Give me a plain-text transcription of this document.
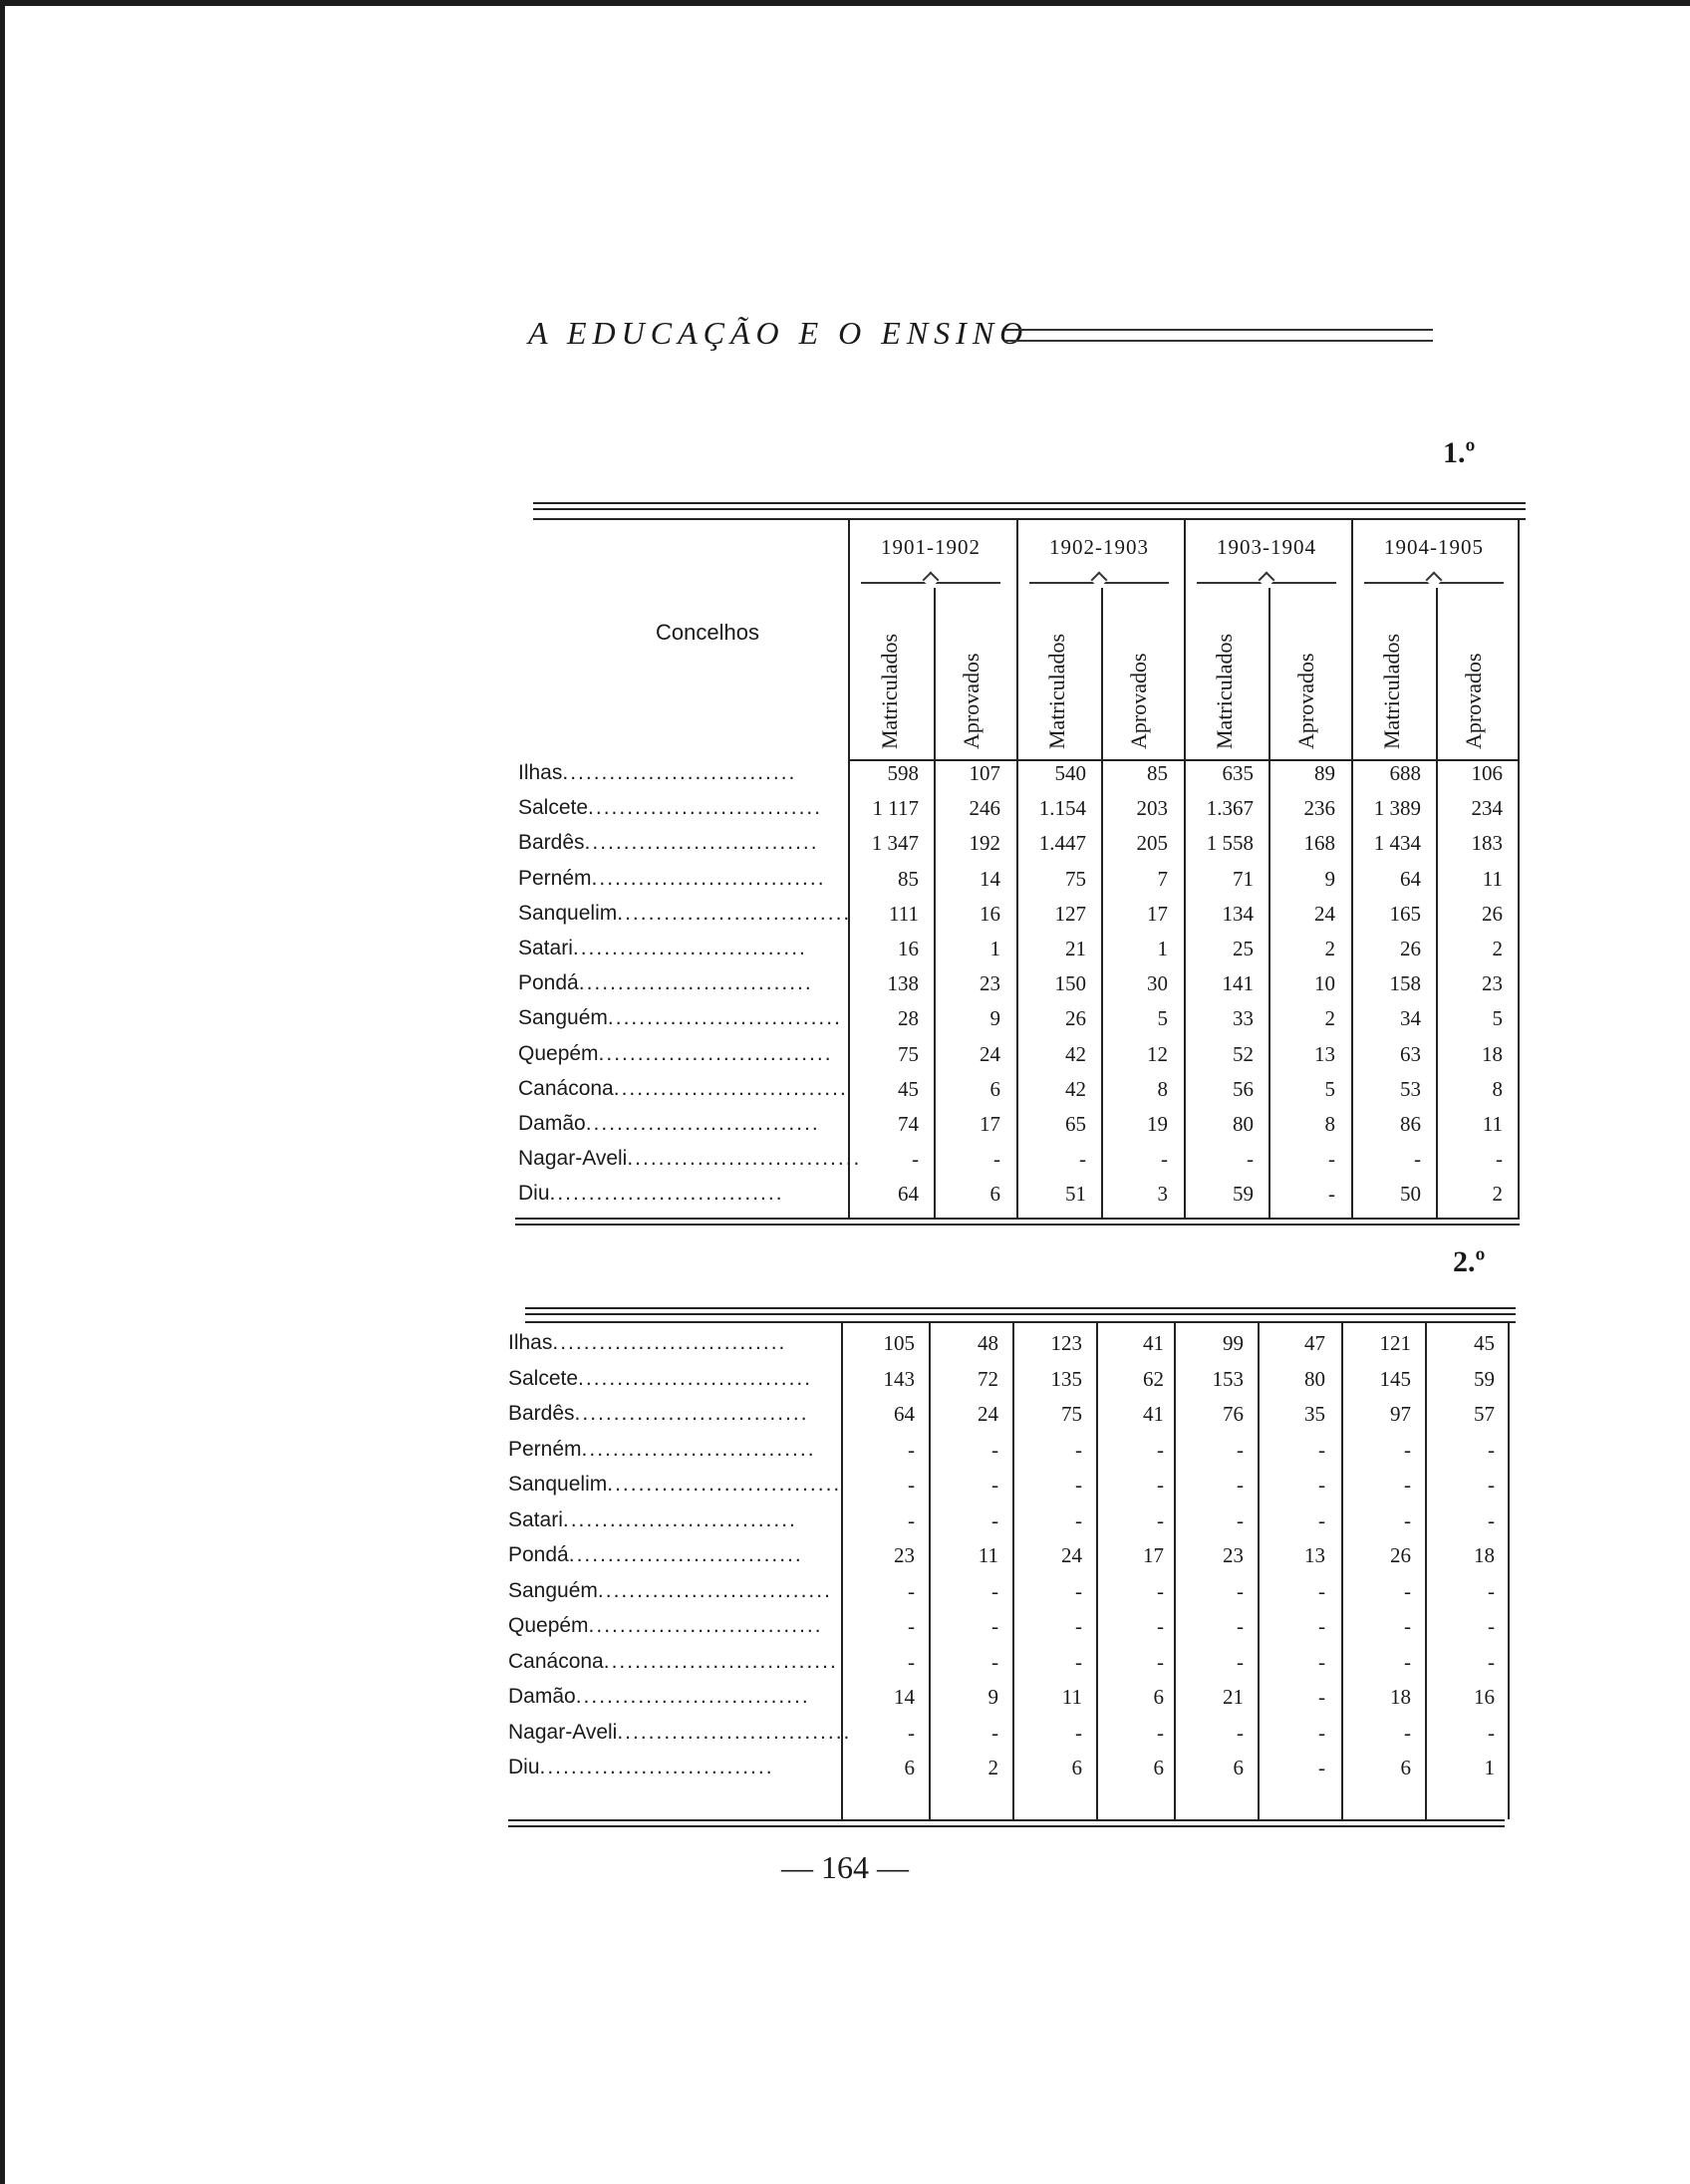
A EDUCAÇÃO E O ENSINO
1.º
Concelhos
1901-1902	1902-1903	1903-1904	1904-1905
Matriculados	Aprovados	Matriculados	Aprovados	Matriculados	Aprovados	Matriculados	Aprovados
Ilhas..............................	598	107	540	85	635	89	688	106
Salcete..............................	1 117	246	1.154	203	1.367	236	1 389	234
Bardês..............................	1 347	192	1.447	205	1 558	168	1 434	183
Perném..............................	85	14	75	7	71	9	64	11
Sanquelim..............................	111	16	127	17	134	24	165	26
Satari..............................	16	1	21	1	25	2	26	2
Pondá..............................	138	23	150	30	141	10	158	23
Sanguém..............................	28	9	26	5	33	2	34	5
Quepém..............................	75	24	42	12	52	13	63	18
Canácona..............................	45	6	42	8	56	5	53	8
Damão..............................	74	17	65	19	80	8	86	11
Nagar-Aveli..............................	-	-	-	-	-	-	-	-
Diu..............................	64	6	51	3	59	-	50	2
2.º
Ilhas..............................	105	48	123	41	99	47	121	45
Salcete..............................	143	72	135	62	153	80	145	59
Bardês..............................	64	24	75	41	76	35	97	57
Perném..............................	-	-	-	-	-	-	-	-
Sanquelim..............................	-	-	-	-	-	-	-	-
Satari..............................	-	-	-	-	-	-	-	-
Pondá..............................	23	11	24	17	23	13	26	18
Sanguém..............................	-	-	-	-	-	-	-	-
Quepém..............................	-	-	-	-	-	-	-	-
Canácona..............................	-	-	-	-	-	-	-	-
Damão..............................	14	9	11	6	21	-	18	16
Nagar-Aveli..............................	-	-	-	-	-	-	-	-
Diu..............................	6	2	6	6	6	-	6	1
— 164 —
